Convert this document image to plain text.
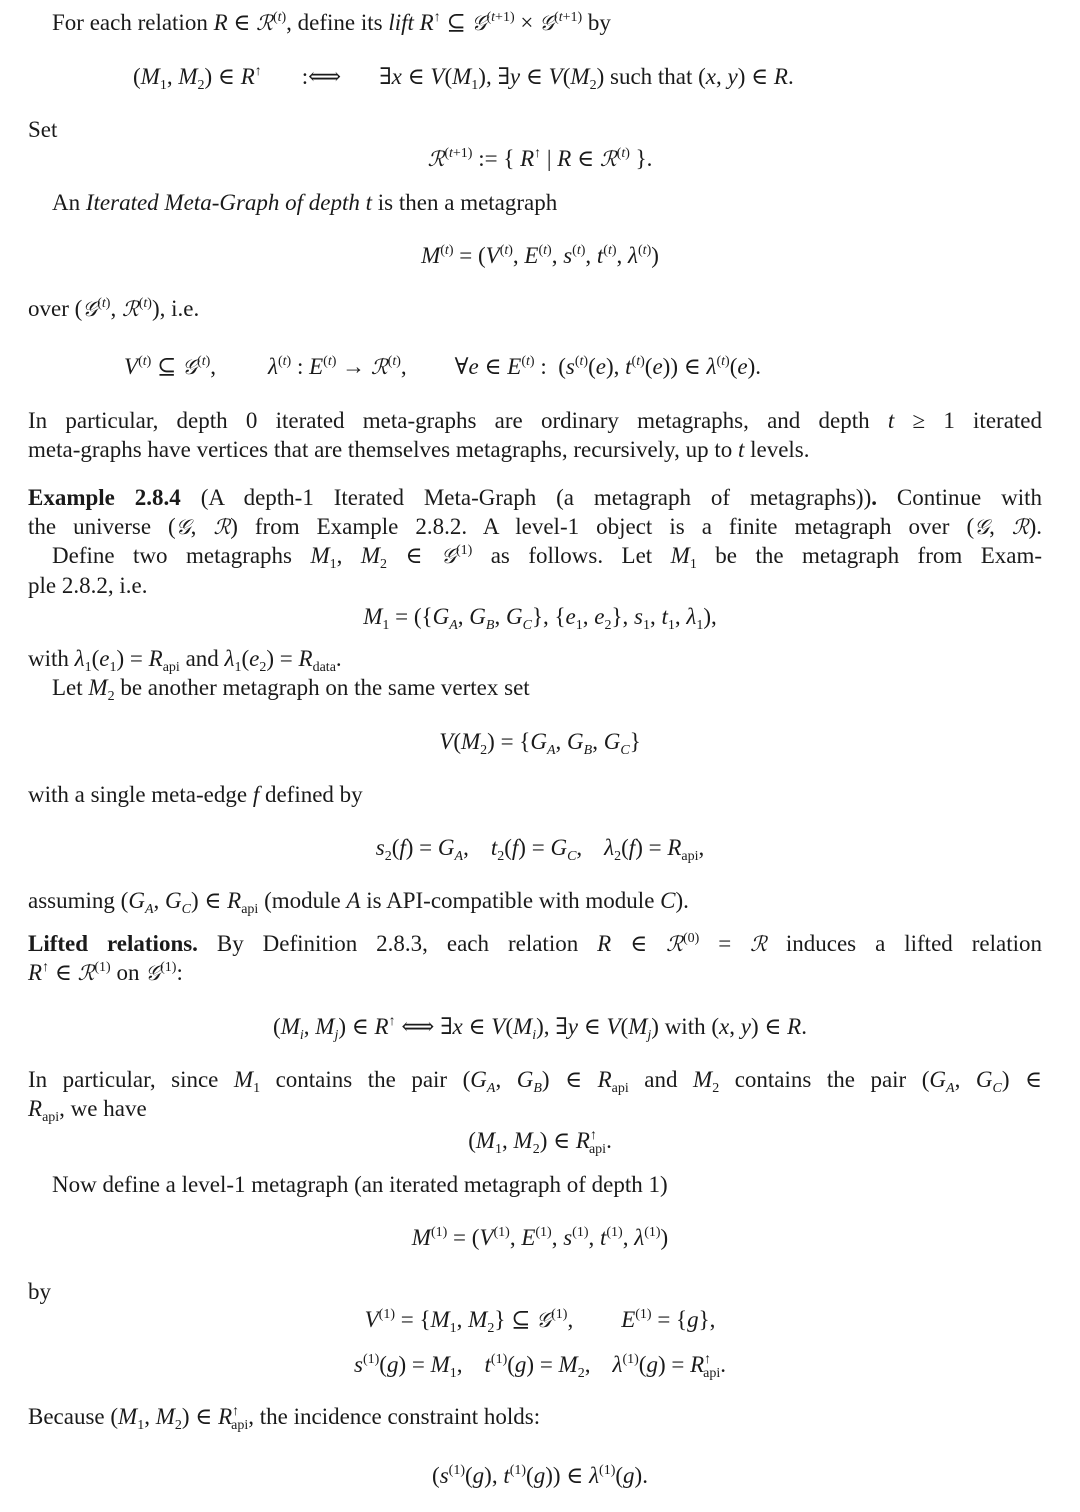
For each relation R ∈ ℛ$^{(t)}$, define its lift R↑ ⊆ 𝒢$^{(t+1)}$ × 𝒢$^{(t+1)}$ by
($M_1$, $M_2$) ∈ R↑ :⟺ ∃x ∈ $V(M_1)$, ∃y ∈ $V(M_2)$ such that (x, y) ∈ R.
Set
ℛ$^{(t+1)}$ := { R↑ | R ∈ ℛ$^{(t)}$ }.
An Iterated Meta-Graph of depth t is then a metagraph
$M^{(t)} = (V^{(t)}$, $E^{(t)}$, $s^{(t)}$, $t^{(t)}$, $\lambda^{(t)}$)
over (𝒢$^{(t)}$, ℛ$^{(t)}$), i.e.
$V^{(t)}$ ⊆ 𝒢$^{(t)}$, $\lambda^{(t)}$ : $E^{(t)}$ → ℛ$^{(t)}$, ∀e ∈ $E^{(t)}$ :  ($s^{(t)}(e)$, $t^{(t)}(e)$) ∈ $\lambda^{(t)}(e)$.
In particular, depth 0 iterated meta-graphs are ordinary metagraphs, and depth t ≥ 1 iterated
meta-graphs have vertices that are themselves metagraphs, recursively, up to t levels.
Example 2.8.4 (A depth-1 Iterated Meta-Graph (a metagraph of metagraphs)). Continue with
the universe (𝒢, ℛ) from Example 2.8.2. A level-1 object is a finite metagraph over (𝒢, ℛ).
Define two metagraphs $M_1$, $M_2$ ∈ 𝒢$^{(1)}$ as follows. Let $M_1$ be the metagraph from Exam-
ple 2.8.2, i.e.
$M_1 = (\{G_A$, $G_B$, $G_C$}, {$e_1$, $e_2$}, $s_1$, $t_1$, $\lambda_1$),
with $\lambda_1(e_1) = R_{api}$ and $\lambda_1(e_2) = R_{data}$.
Let $M_2$ be another metagraph on the same vertex set
$V(M_2) = \{G_A$, $G_B$, $G_C$}
with a single meta-edge f defined by
$s_2(f) = G_A$, $t_2(f) = G_C$, $\lambda_2(f) = R_{api}$,
assuming ($G_A$, $G_C$) ∈ $R_{api}$ (module A is API-compatible with module C).
Lifted relations. By Definition 2.8.3, each relation R ∈ ℛ$^{(0)}$ = ℛ induces a lifted relation
R↑ ∈ ℛ$^{(1)}$ on 𝒢$^{(1)}$:
($M_i$, $M_j$) ∈ R↑ ⟺ ∃x ∈ $V(M_i)$, ∃y ∈ $V(M_j)$ with (x, y) ∈ R.
In particular, since $M_1$ contains the pair ($G_A$, $G_B$) ∈ $R_{api}$ and $M_2$ contains the pair ($G_A$, $G_C$) ∈
$R_{api}$, we have
($M_1$, $M_2$) ∈ $R^↑_{api}$.
Now define a level-1 metagraph (an iterated metagraph of depth 1)
$M^{(1)} = (V^{(1)}$, $E^{(1)}$, $s^{(1)}$, $t^{(1)}$, $\lambda^{(1)}$)
by
$V^{(1)} = \{M_1$, $M_2$} ⊆ 𝒢$^{(1)}$, $E^{(1)} = \{g\}$,
$s^{(1)}(g) = M_1$, $t^{(1)}(g) = M_2$, $\lambda^{(1)}(g) = R^↑_{api}$.
Because ($M_1$, $M_2$) ∈ $R^↑_{api}$, the incidence constraint holds:
($s^{(1)}(g)$, $t^{(1)}(g)$) ∈ $\lambda^{(1)}(g)$.
